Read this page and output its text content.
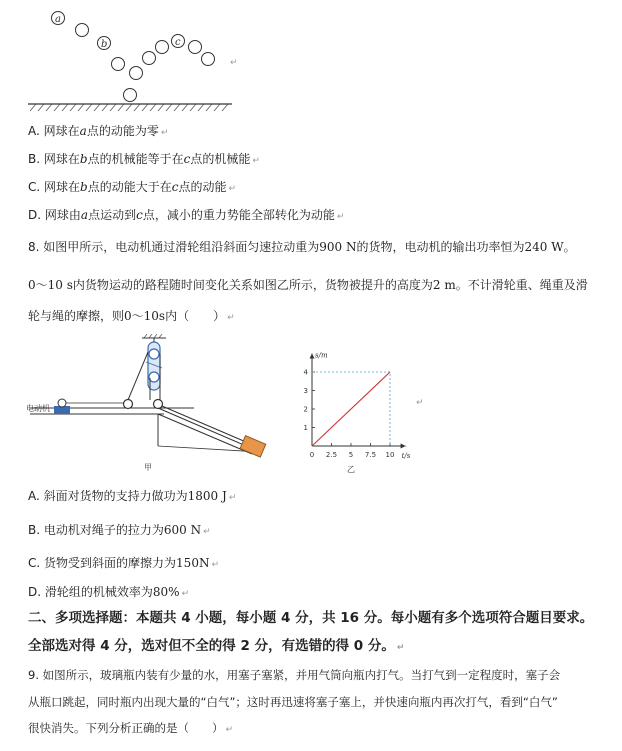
a
b	c
↵
A. 网球在a点的动能为零 ↵
B. 网球在b点的机械能等于在c点的机械能 ↵
C. 网球在b点的动能大于在c点的动能 ↵
D. 网球由a点运动到c点，减小的重力势能全部转化为动能 ↵
8. 如图甲所示，电动机通过滑轮组沿斜面匀速拉动重为900 N的货物，电动机的输出功率恒为240 W。
0～10 s内货物运动的路程随时间变化关系如图乙所示，货物被提升的高度为2 m。不计滑轮重、绳重及滑
轮与绳的摩擦，则0～10s内（　　） ↵
电动机
甲
s/m
t/s
0 2.5 5 7.5 10
1
2
3
4
乙
↵
A. 斜面对货物的支持力做功为1800 J ↵
B. 电动机对绳子的拉力为600 N ↵
C. 货物受到斜面的摩擦力为150N ↵
D. 滑轮组的机械效率为80% ↵
二、多项选择题：本题共 4 小题，每小题 4 分，共 16 分。每小题有多个选项符合题目要求。
全部选对得 4 分，选对但不全的得 2 分，有选错的得 0 分。 ↵
9. 如图所示，玻璃瓶内装有少量的水，用塞子塞紧，并用气筒向瓶内打气。当打气到一定程度时，塞子会
从瓶口跳起，同时瓶内出现大量的“白气”；这时再迅速将塞子塞上，并快速向瓶内再次打气，看到“白气”
很快消失。下列分析正确的是（　　） ↵
